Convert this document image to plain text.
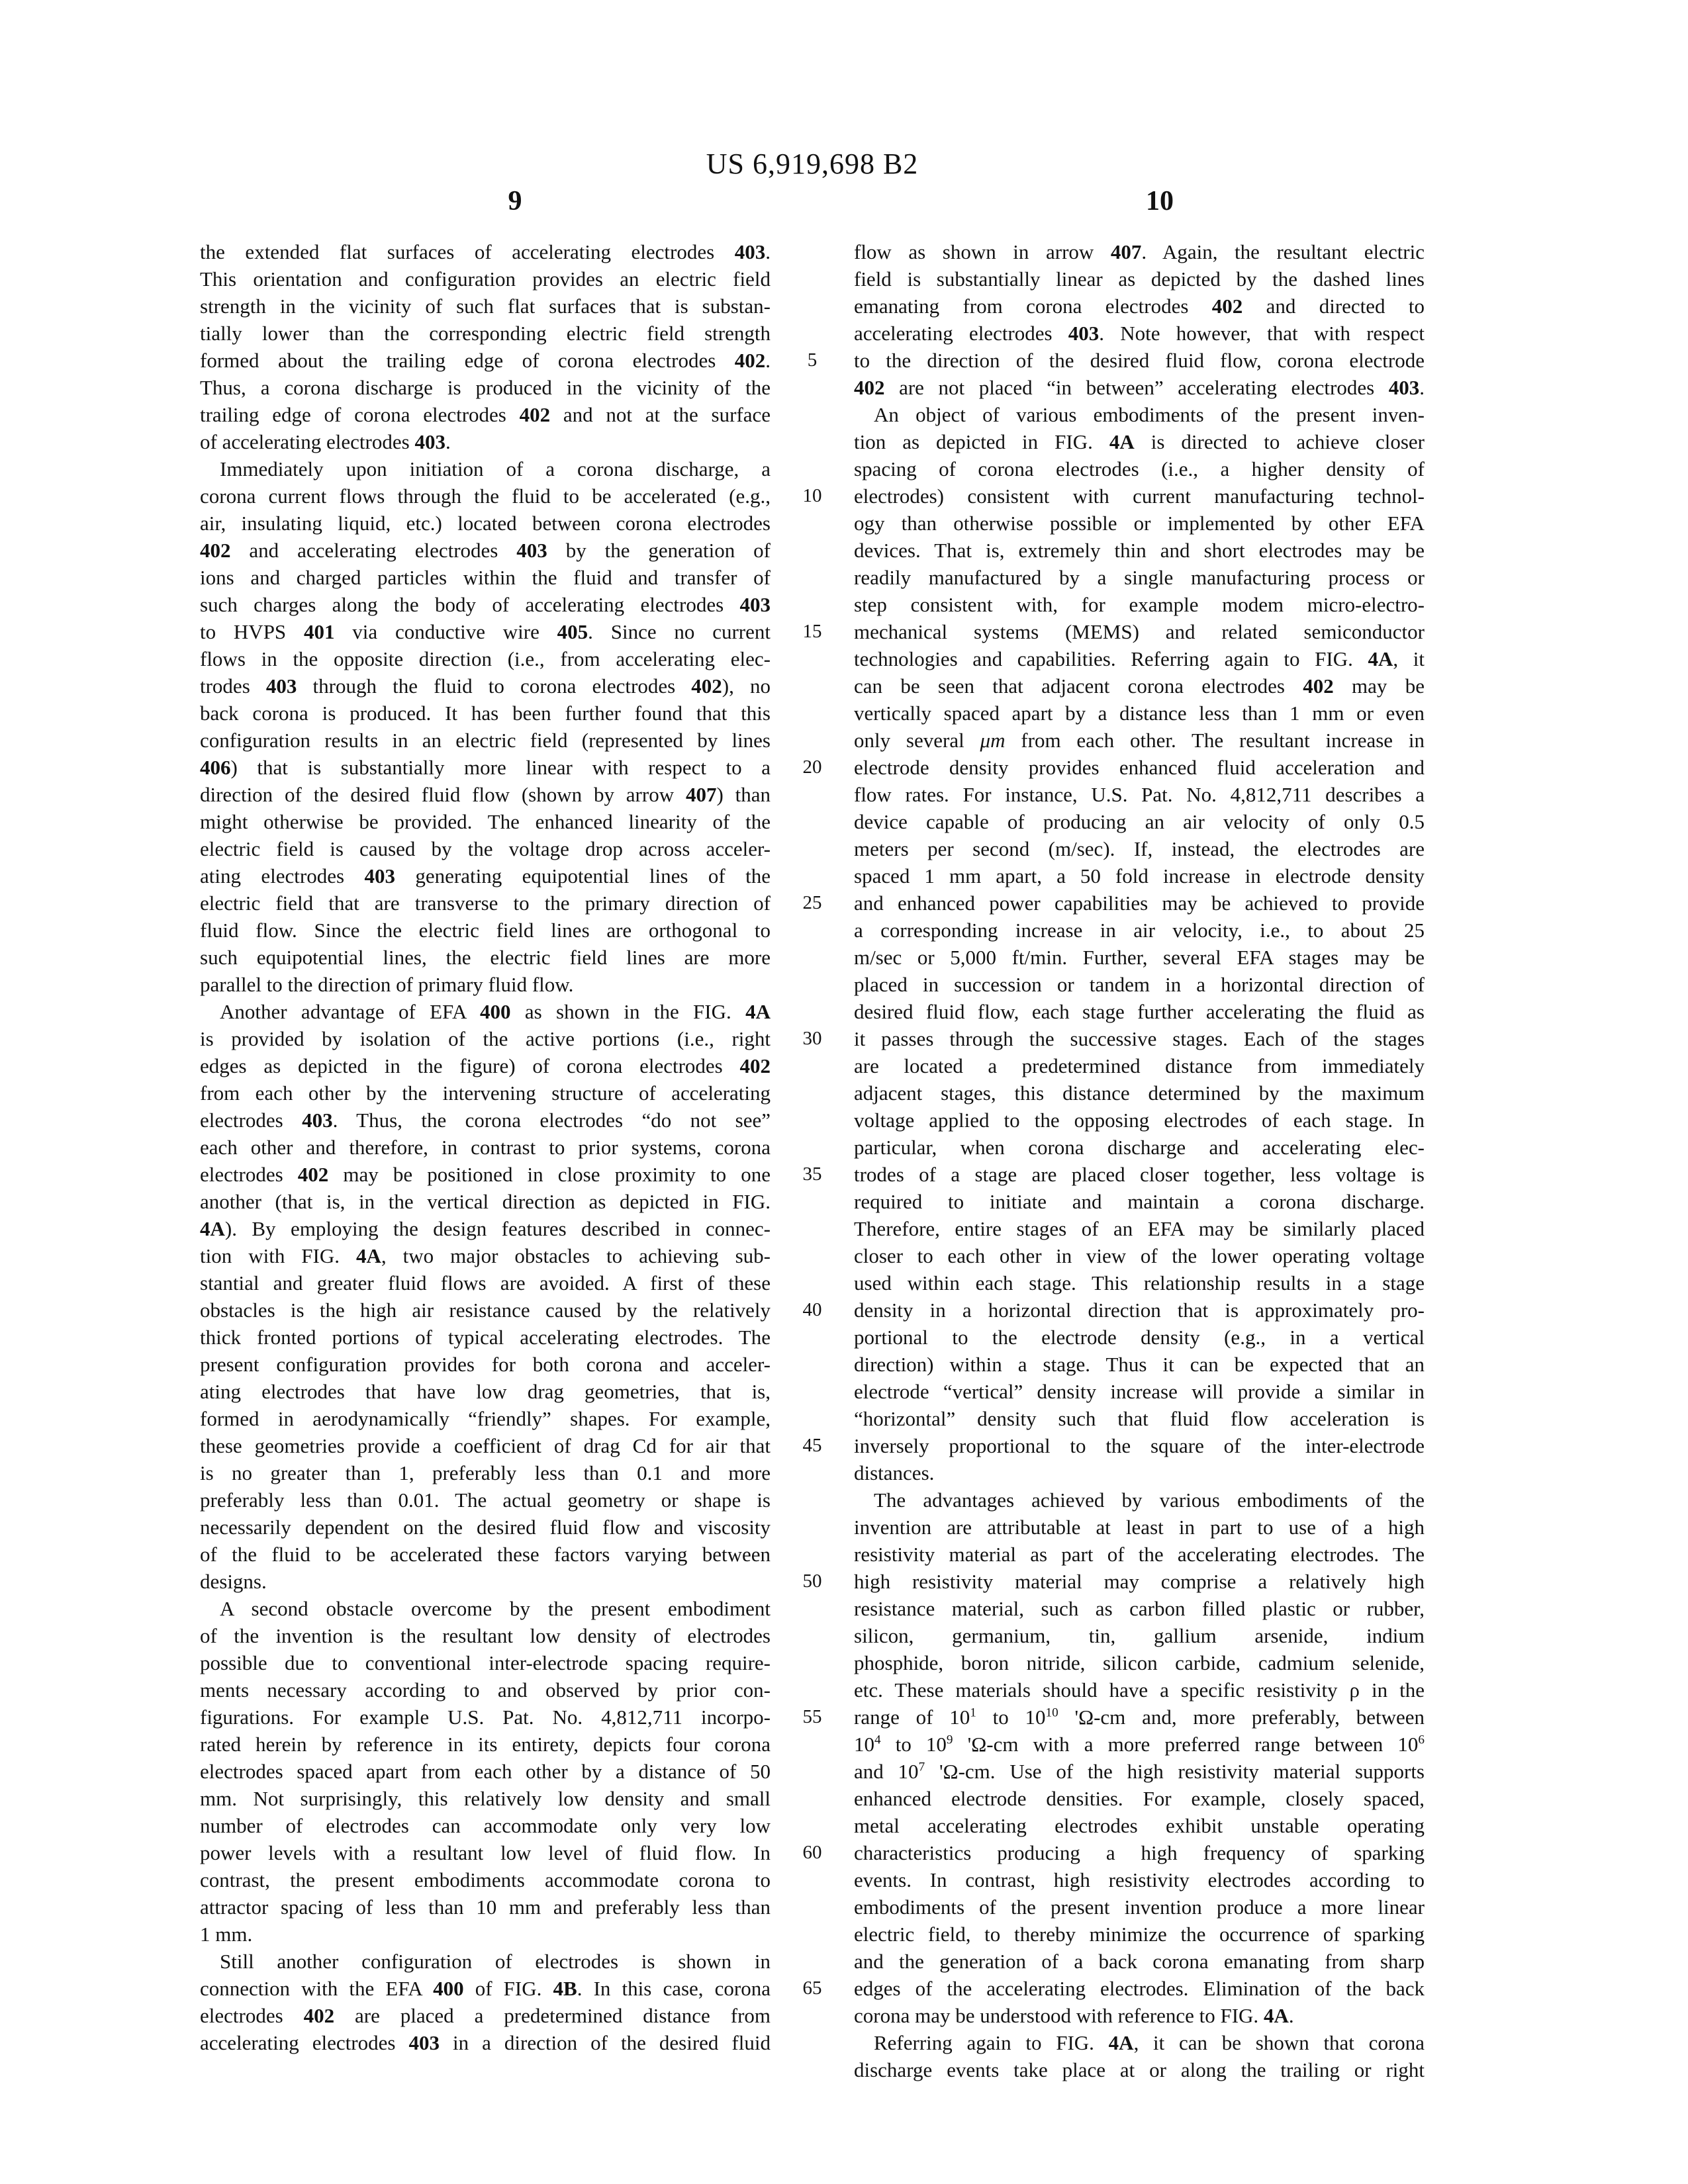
US 6,919,698 B2
9	10
the extended flat surfaces of accelerating electrodes 403.
This orientation and configuration provides an electric field
strength in the vicinity of such flat surfaces that is substan-
tially lower than the corresponding electric field strength
formed about the trailing edge of corona electrodes 402.
Thus, a corona discharge is produced in the vicinity of the
trailing edge of corona electrodes 402 and not at the surface
of accelerating electrodes 403.
Immediately upon initiation of a corona discharge, a
corona current flows through the fluid to be accelerated (e.g.,
air, insulating liquid, etc.) located between corona electrodes
402 and accelerating electrodes 403 by the generation of
ions and charged particles within the fluid and transfer of
such charges along the body of accelerating electrodes 403
to HVPS 401 via conductive wire 405. Since no current
flows in the opposite direction (i.e., from accelerating elec-
trodes 403 through the fluid to corona electrodes 402), no
back corona is produced. It has been further found that this
configuration results in an electric field (represented by lines
406) that is substantially more linear with respect to a
direction of the desired fluid flow (shown by arrow 407) than
might otherwise be provided. The enhanced linearity of the
electric field is caused by the voltage drop across acceler-
ating electrodes 403 generating equipotential lines of the
electric field that are transverse to the primary direction of
fluid flow. Since the electric field lines are orthogonal to
such equipotential lines, the electric field lines are more
parallel to the direction of primary fluid flow.
Another advantage of EFA 400 as shown in the FIG. 4A
is provided by isolation of the active portions (i.e., right
edges as depicted in the figure) of corona electrodes 402
from each other by the intervening structure of accelerating
electrodes 403. Thus, the corona electrodes “do not see”
each other and therefore, in contrast to prior systems, corona
electrodes 402 may be positioned in close proximity to one
another (that is, in the vertical direction as depicted in FIG.
4A). By employing the design features described in connec-
tion with FIG. 4A, two major obstacles to achieving sub-
stantial and greater fluid flows are avoided. A first of these
obstacles is the high air resistance caused by the relatively
thick fronted portions of typical accelerating electrodes. The
present configuration provides for both corona and acceler-
ating electrodes that have low drag geometries, that is,
formed in aerodynamically “friendly” shapes. For example,
these geometries provide a coefficient of drag Cd for air that
is no greater than 1, preferably less than 0.1 and more
preferably less than 0.01. The actual geometry or shape is
necessarily dependent on the desired fluid flow and viscosity
of the fluid to be accelerated these factors varying between
designs.
A second obstacle overcome by the present embodiment
of the invention is the resultant low density of electrodes
possible due to conventional inter-electrode spacing require-
ments necessary according to and observed by prior con-
figurations. For example U.S. Pat. No. 4,812,711 incorpo-
rated herein by reference in its entirety, depicts four corona
electrodes spaced apart from each other by a distance of 50
mm. Not surprisingly, this relatively low density and small
number of electrodes can accommodate only very low
power levels with a resultant low level of fluid flow. In
contrast, the present embodiments accommodate corona to
attractor spacing of less than 10 mm and preferably less than
1 mm.
Still another configuration of electrodes is shown in
connection with the EFA 400 of FIG. 4B. In this case, corona
electrodes 402 are placed a predetermined distance from
accelerating electrodes 403 in a direction of the desired fluid
5
10
15
20
25
30
35
40
45
50
55
60
65
flow as shown in arrow 407. Again, the resultant electric
field is substantially linear as depicted by the dashed lines
emanating from corona electrodes 402 and directed to
accelerating electrodes 403. Note however, that with respect
to the direction of the desired fluid flow, corona electrode
402 are not placed “in between” accelerating electrodes 403.
An object of various embodiments of the present inven-
tion as depicted in FIG. 4A is directed to achieve closer
spacing of corona electrodes (i.e., a higher density of
electrodes) consistent with current manufacturing technol-
ogy than otherwise possible or implemented by other EFA
devices. That is, extremely thin and short electrodes may be
readily manufactured by a single manufacturing process or
step consistent with, for example modem micro-electro-
mechanical systems (MEMS) and related semiconductor
technologies and capabilities. Referring again to FIG. 4A, it
can be seen that adjacent corona electrodes 402 may be
vertically spaced apart by a distance less than 1 mm or even
only several μm from each other. The resultant increase in
electrode density provides enhanced fluid acceleration and
flow rates. For instance, U.S. Pat. No. 4,812,711 describes a
device capable of producing an air velocity of only 0.5
meters per second (m/sec). If, instead, the electrodes are
spaced 1 mm apart, a 50 fold increase in electrode density
and enhanced power capabilities may be achieved to provide
a corresponding increase in air velocity, i.e., to about 25
m/sec or 5,000 ft/min. Further, several EFA stages may be
placed in succession or tandem in a horizontal direction of
desired fluid flow, each stage further accelerating the fluid as
it passes through the successive stages. Each of the stages
are located a predetermined distance from immediately
adjacent stages, this distance determined by the maximum
voltage applied to the opposing electrodes of each stage. In
particular, when corona discharge and accelerating elec-
trodes of a stage are placed closer together, less voltage is
required to initiate and maintain a corona discharge.
Therefore, entire stages of an EFA may be similarly placed
closer to each other in view of the lower operating voltage
used within each stage. This relationship results in a stage
density in a horizontal direction that is approximately pro-
portional to the electrode density (e.g., in a vertical
direction) within a stage. Thus it can be expected that an
electrode “vertical” density increase will provide a similar in
“horizontal” density such that fluid flow acceleration is
inversely proportional to the square of the inter-electrode
distances.
The advantages achieved by various embodiments of the
invention are attributable at least in part to use of a high
resistivity material as part of the accelerating electrodes. The
high resistivity material may comprise a relatively high
resistance material, such as carbon filled plastic or rubber,
silicon, germanium, tin, gallium arsenide, indium
phosphide, boron nitride, silicon carbide, cadmium selenide,
etc. These materials should have a specific resistivity ρ in the
range of $10^1$ to $10^{10}$ 'Ω-cm and, more preferably, between
$10^4$ to $10^9$ 'Ω-cm with a more preferred range between $10^6$
and $10^7$ 'Ω-cm. Use of the high resistivity material supports
enhanced electrode densities. For example, closely spaced,
metal accelerating electrodes exhibit unstable operating
characteristics producing a high frequency of sparking
events. In contrast, high resistivity electrodes according to
embodiments of the present invention produce a more linear
electric field, to thereby minimize the occurrence of sparking
and the generation of a back corona emanating from sharp
edges of the accelerating electrodes. Elimination of the back
corona may be understood with reference to FIG. 4A.
Referring again to FIG. 4A, it can be shown that corona
discharge events take place at or along the trailing or right
